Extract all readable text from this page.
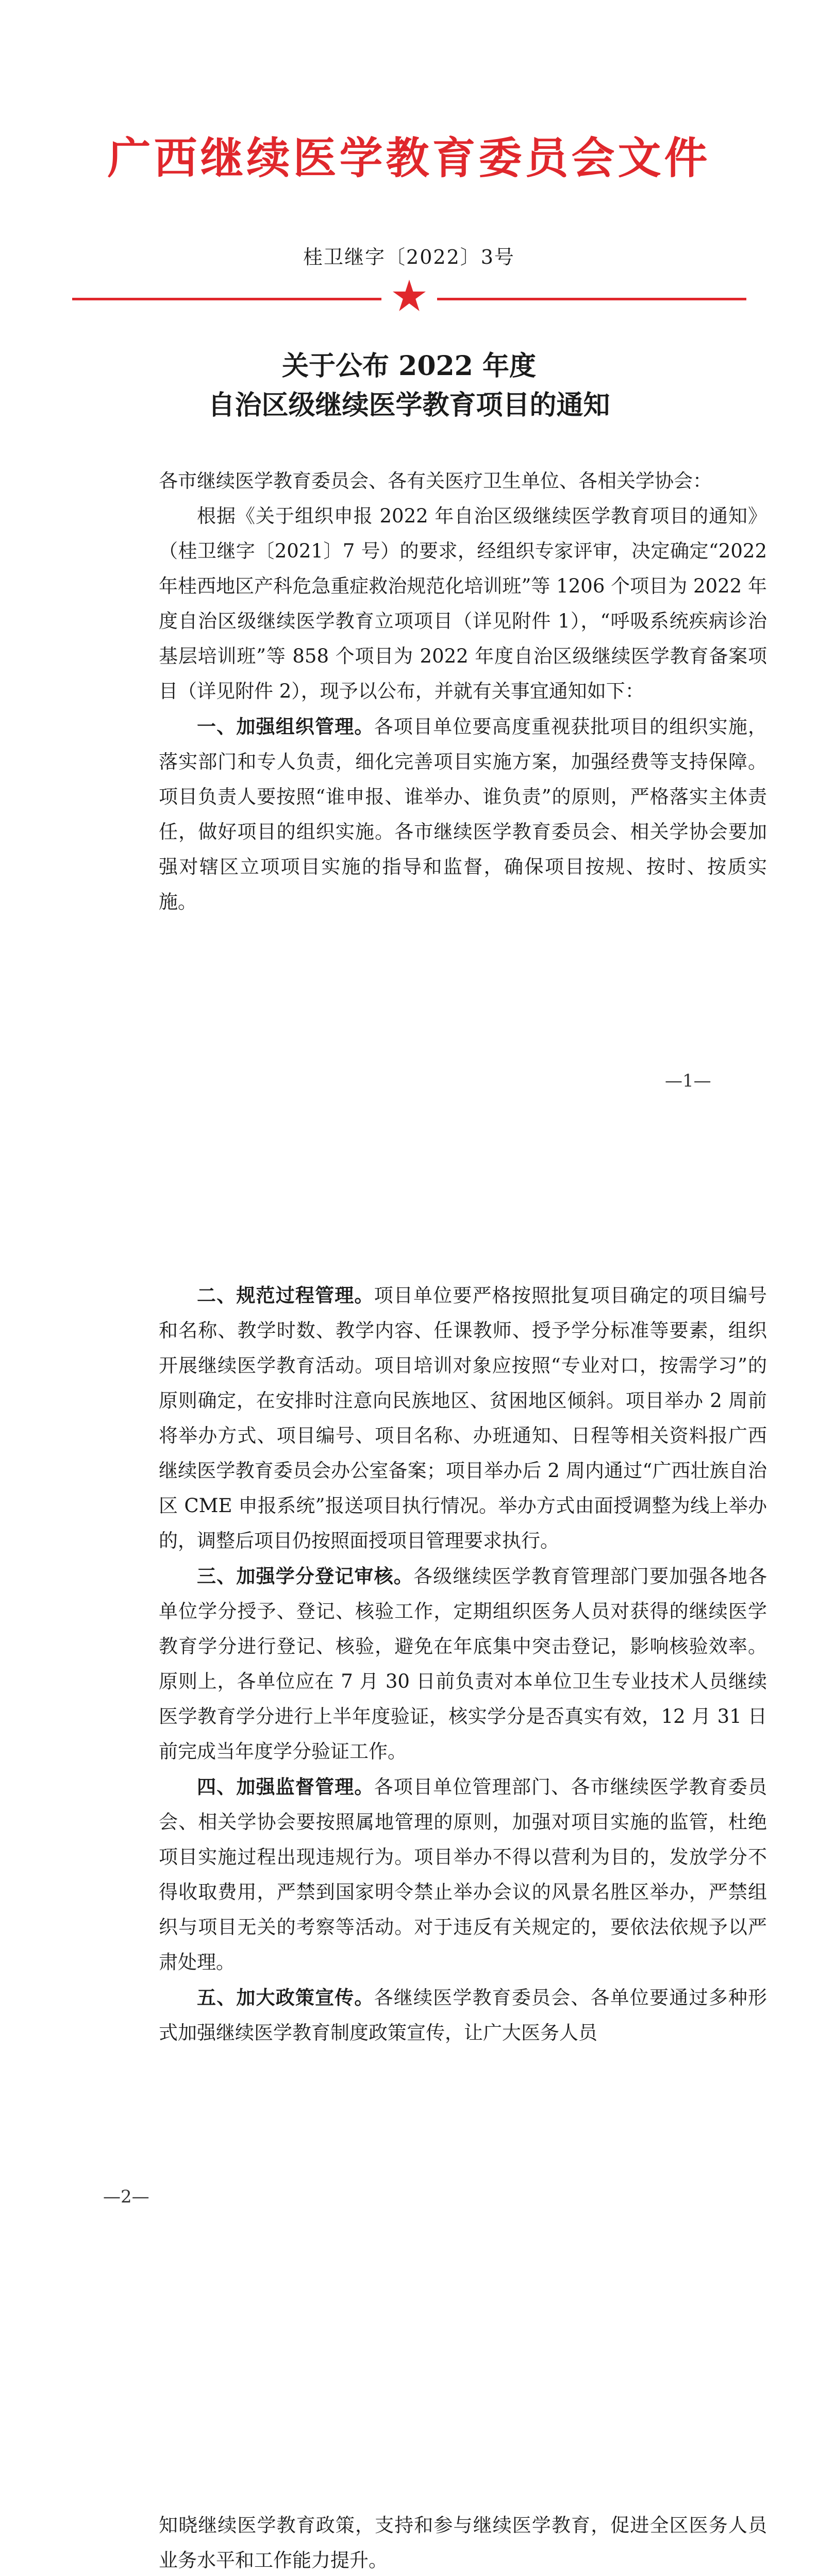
广西继续医学教育委员会文件
桂卫继字〔2022〕3号
关于公布 2022 年度
自治区级继续医学教育项目的通知

各市继续医学教育委员会、各有关医疗卫生单位、各相关学协会：

根据《关于组织申报 2022 年自治区级继续医学教育项目的通知》（桂卫继字〔2021〕7 号）的要求，经组织专家评审，决定确定“2022 年桂西地区产科危急重症救治规范化培训班”等 1206 个项目为 2022 年度自治区级继续医学教育立项项目（详见附件 1），“呼吸系统疾病诊治基层培训班”等 858 个项目为 2022 年度自治区级继续医学教育备案项目（详见附件 2），现予以公布，并就有关事宜通知如下：

一、加强组织管理。各项目单位要高度重视获批项目的组织实施，落实部门和专人负责，细化完善项目实施方案，加强经费等支持保障。项目负责人要按照“谁申报、谁举办、谁负责”的原则，严格落实主体责任，做好项目的组织实施。各市继续医学教育委员会、相关学协会要加强对辖区立项项目实施的指导和监督，确保项目按规、按时、按质实施。

—1—

二、规范过程管理。项目单位要严格按照批复项目确定的项目编号和名称、教学时数、教学内容、任课教师、授予学分标准等要素，组织开展继续医学教育活动。项目培训对象应按照“专业对口，按需学习”的原则确定，在安排时注意向民族地区、贫困地区倾斜。项目举办 2 周前将举办方式、项目编号、项目名称、办班通知、日程等相关资料报广西继续医学教育委员会办公室备案；项目举办后 2 周内通过“广西壮族自治区 CME 申报系统”报送项目执行情况。举办方式由面授调整为线上举办的，调整后项目仍按照面授项目管理要求执行。

三、加强学分登记审核。各级继续医学教育管理部门要加强各地各单位学分授予、登记、核验工作，定期组织医务人员对获得的继续医学教育学分进行登记、核验，避免在年底集中突击登记，影响核验效率。原则上，各单位应在 7 月 30 日前负责对本单位卫生专业技术人员继续医学教育学分进行上半年度验证，核实学分是否真实有效，12 月 31 日前完成当年度学分验证工作。

四、加强监督管理。各项目单位管理部门、各市继续医学教育委员会、相关学协会要按照属地管理的原则，加强对项目实施的监管，杜绝项目实施过程出现违规行为。项目举办不得以营利为目的，发放学分不得收取费用，严禁到国家明令禁止举办会议的风景名胜区举办，严禁组织与项目无关的考察等活动。对于违反有关规定的，要依法依规予以严肃处理。

五、加大政策宣传。各继续医学教育委员会、各单位要通过多种形式加强继续医学教育制度政策宣传，让广大医务人员

—2—

知晓继续医学教育政策，支持和参与继续医学教育，促进全区医务人员业务水平和工作能力提升。
